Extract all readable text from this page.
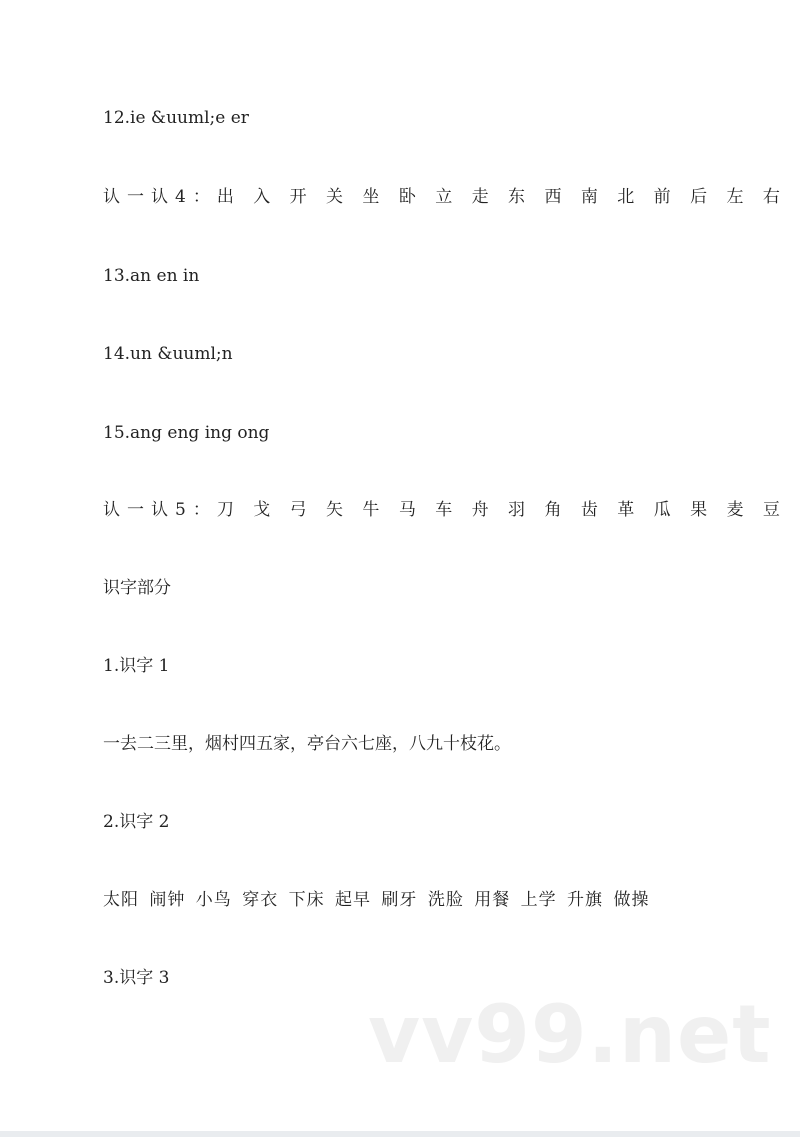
12.ie &uuml;e er
认一认4：出 入 开 关 坐 卧 立 走 东 西 南 北 前 后 左 右
13.an en in
14.un &uuml;n
15.ang eng ing ong
认一认5：刀 戈 弓 矢 牛 马 车 舟 羽 角 齿 革 瓜 果 麦 豆
识字部分
1.识字 1
一去二三里，烟村四五家，亭台六七座，八九十枝花。
2.识字 2
太阳 闹钟 小鸟 穿衣 下床 起早 刷牙 洗脸 用餐 上学 升旗 做操
3.识字 3
vv99.net
